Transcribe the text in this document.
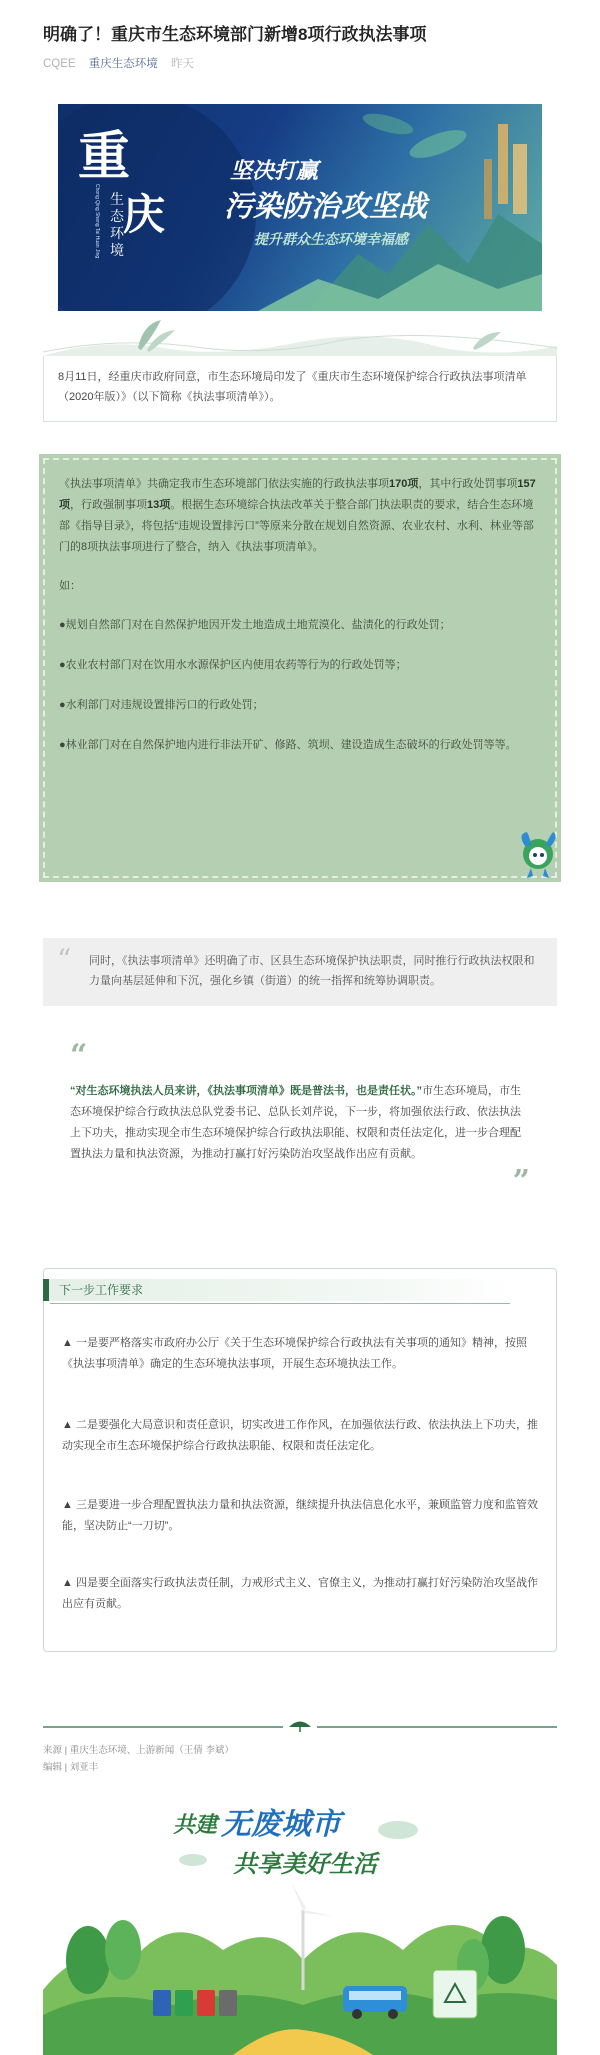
明确了！重庆市生态环境部门新增8项行政执法事项
CQEE 重庆生态环境 昨天
重
庆
生
态
环
境
Chong Qing Sheng Tai Huan Jing
坚决打赢
污染防治攻坚战
提升群众生态环境幸福感
8月11日，经重庆市政府同意，市生态环境局印发了《重庆市生态环境保护综合行政执法事项清单（2020年版）》（以下简称《执法事项清单》）。

《执法事项清单》共确定我市生态环境部门依法实施的行政执法事项170项，其中行政处罚事项157项，行政强制事项13项。根据生态环境综合执法改革关于整合部门执法职责的要求，结合生态环境部《指导目录》，将包括“违规设置排污口”等原来分散在规划自然资源、农业农村、水利、林业等部门的8项执法事项进行了整合，纳入《执法事项清单》。

如：

●规划自然部门对在自然保护地因开发土地造成土地荒漠化、盐渍化的行政处罚；
●农业农村部门对在饮用水水源保护区内使用农药等行为的行政处罚等；
●水利部门对违规设置排污口的行政处罚；
●林业部门对在自然保护地内进行非法开矿、修路、筑坝、建设造成生态破坏的行政处罚等等。
“ 同时，《执法事项清单》还明确了市、区县生态环境保护执法职责，同时推行行政执法权限和力量向基层延伸和下沉，强化乡镇（街道）的统一指挥和统筹协调职责。
“
“对生态环境执法人员来讲，《执法事项清单》既是普法书，也是责任状。”市生态环境局，市生态环境保护综合行政执法总队党委书记、总队长刘芹说，下一步，将加强依法行政、依法执法上下功夫，推动实现全市生态环境保护综合行政执法职能、权限和责任法定化，进一步合理配置执法力量和执法资源，为推动打赢打好污染防治攻坚战作出应有贡献。
”
下一步工作要求
▲ 一是要严格落实市政府办公厅《关于生态环境保护综合行政执法有关事项的通知》精神，按照《执法事项清单》确定的生态环境执法事项，开展生态环境执法工作。
▲ 二是要强化大局意识和责任意识，切实改进工作作风，在加强依法行政、依法执法上下功夫，推动实现全市生态环境保护综合行政执法职能、权限和责任法定化。
▲ 三是要进一步合理配置执法力量和执法资源，继续提升执法信息化水平，兼顾监管力度和监管效能，坚决防止“一刀切”。
▲ 四是要全面落实行政执法责任制，力戒形式主义、官僚主义，为推动打赢打好污染防治攻坚战作出应有贡献。
来源 | 重庆生态环境、上游新闻（王倩 李斌）
编辑 | 刘亚丰
共建 无废城市
共享美好生活
